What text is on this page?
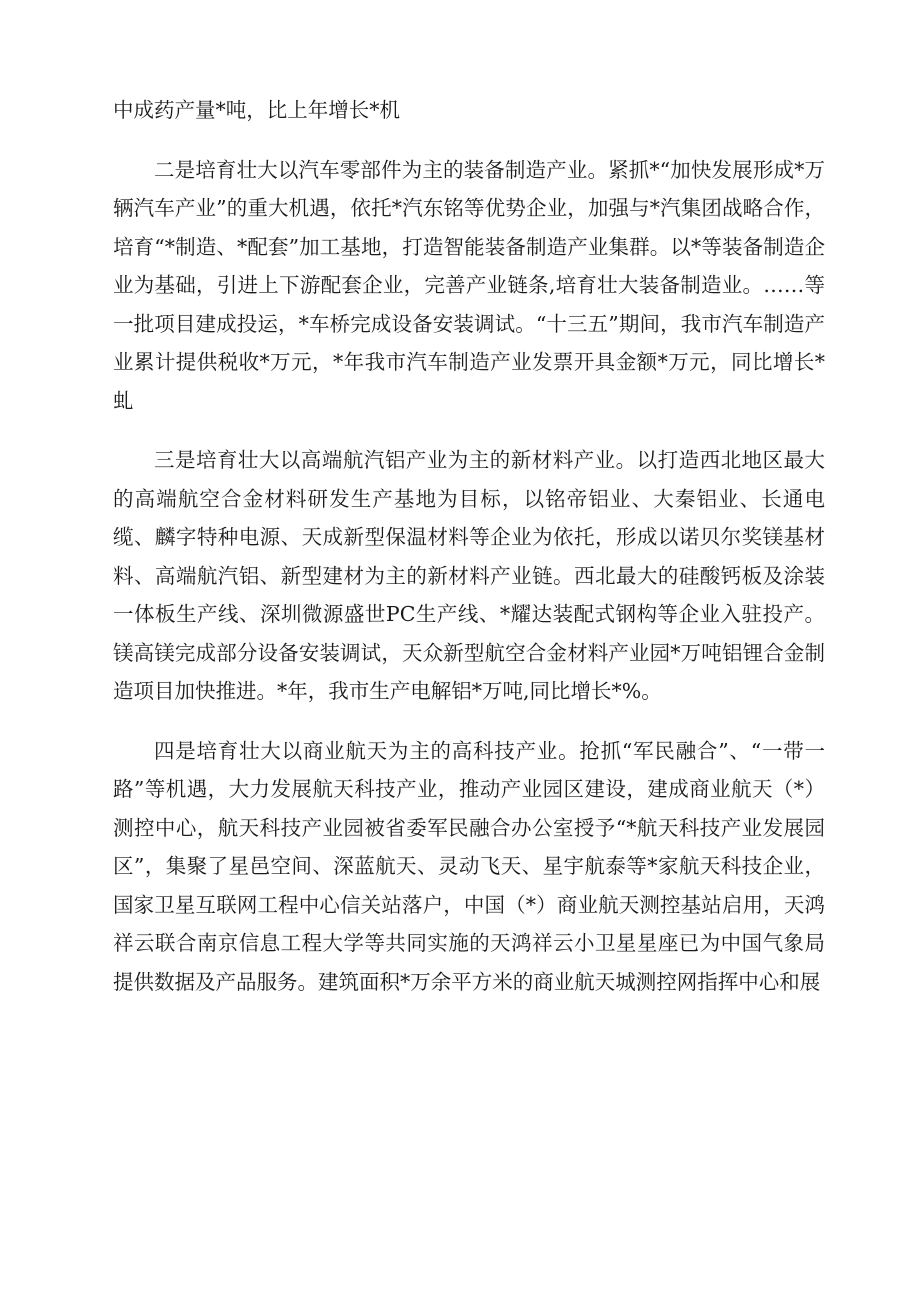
中成药产量*吨，比上年增长*机

二是培育壮大以汽车零部件为主的装备制造产业。紧抓*“加快发展形成*万辆汽车产业”的重大机遇，依托*汽东铭等优势企业，加强与*汽集团战略合作，培育“*制造、*配套”加工基地，打造智能装备制造产业集群。以*等装备制造企业为基础，引进上下游配套企业，完善产业链条,培育壮大装备制造业。……等一批项目建成投运，*车桥完成设备安装调试。“十三五”期间，我市汽车制造产业累计提供税收*万元，*年我市汽车制造产业发票开具金额*万元，同比增长*虬

三是培育壮大以高端航汽铝产业为主的新材料产业。以打造西北地区最大的高端航空合金材料研发生产基地为目标，以铭帝铝业、大秦铝业、长通电缆、麟字特种电源、天成新型保温材料等企业为依托，形成以诺贝尔奖镁基材料、高端航汽铝、新型建材为主的新材料产业链。西北最大的硅酸钙板及涂装一体板生产线、深圳微源盛世PC生产线、*耀达装配式钢构等企业入驻投产。镁高镁完成部分设备安装调试，天众新型航空合金材料产业园*万吨铝锂合金制造项目加快推进。*年，我市生产电解铝*万吨,同比增长*%。

四是培育壮大以商业航天为主的高科技产业。抢抓“军民融合”、“一带一路”等机遇，大力发展航天科技产业，推动产业园区建设，建成商业航天（*）测控中心，航天科技产业园被省委军民融合办公室授予“*航天科技产业发展园区”，集聚了星邑空间、深蓝航天、灵动飞天、星宇航泰等*家航天科技企业，国家卫星互联网工程中心信关站落户，中国（*）商业航天测控基站启用，天鸿祥云联合南京信息工程大学等共同实施的天鸿祥云小卫星星座已为中国气象局提供数据及产品服务。建筑面积*万余平方米的商业航天城测控网指挥中心和展
